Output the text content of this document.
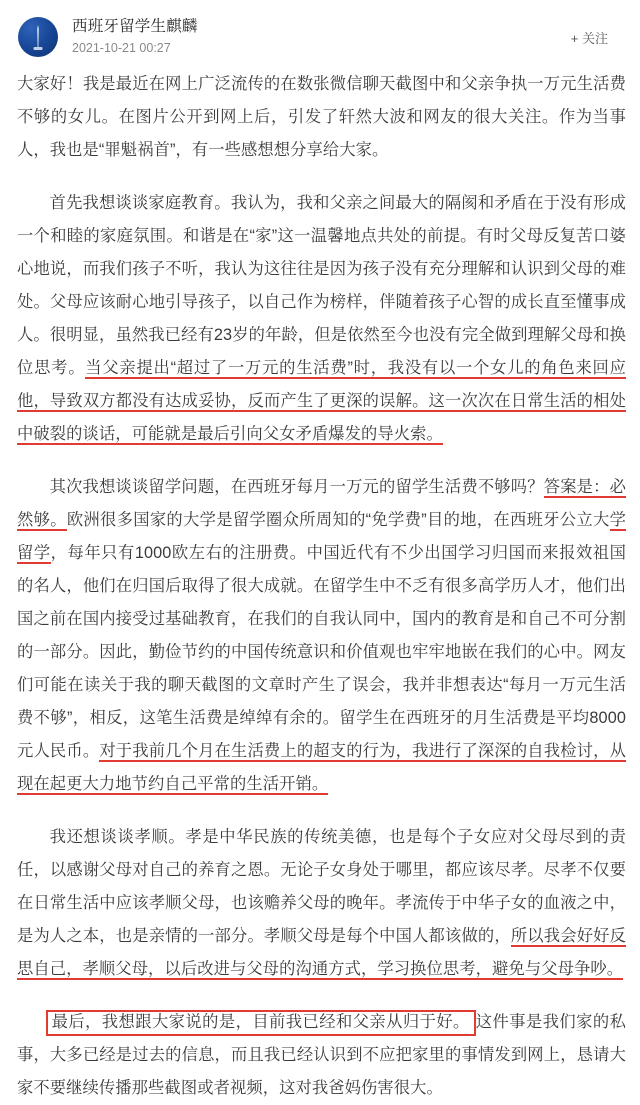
西班牙留学生麒麟
2021-10-21 00:27
+ 关注

大家好！我是最近在网上广泛流传的在数张微信聊天截图中和父亲争执一万元生活费不够的女儿。在图片公开到网上后，引发了轩然大波和网友的很大关注。作为当事人，我也是“罪魁祸首”，有一些感想想分享给大家。

首先我想谈谈家庭教育。我认为，我和父亲之间最大的隔阂和矛盾在于没有形成一个和睦的家庭氛围。和谐是在“家”这一温馨地点共处的前提。有时父母反复苦口婆心地说，而我们孩子不听，我认为这往往是因为孩子没有充分理解和认识到父母的难处。父母应该耐心地引导孩子，以自己作为榜样，伴随着孩子心智的成长直至懂事成人。很明显，虽然我已经有23岁的年龄，但是依然至今也没有完全做到理解父母和换位思考。当父亲提出“超过了一万元的生活费”时，我没有以一个女儿的角色来回应他，导致双方都没有达成妥协，反而产生了更深的误解。这一次次在日常生活的相处中破裂的谈话，可能就是最后引向父女矛盾爆发的导火索。

其次我想谈谈留学问题，在西班牙每月一万元的留学生活费不够吗？答案是：必然够。欧洲很多国家的大学是留学圈众所周知的“免学费”目的地，在西班牙公立大学留学，每年只有1000欧左右的注册费。中国近代有不少出国学习归国而来报效祖国的名人，他们在归国后取得了很大成就。在留学生中不乏有很多高学历人才，他们出国之前在国内接受过基础教育，在我们的自我认同中，国内的教育是和自己不可分割的一部分。因此，勤俭节约的中国传统意识和价值观也牢牢地嵌在我们的心中。网友们可能在读关于我的聊天截图的文章时产生了误会，我并非想表达“每月一万元生活费不够”，相反，这笔生活费是绰绰有余的。留学生在西班牙的月生活费是平均8000元人民币。对于我前几个月在生活费上的超支的行为，我进行了深深的自我检讨，从现在起更大力地节约自己平常的生活开销。

我还想谈谈孝顺。孝是中华民族的传统美德，也是每个子女应对父母尽到的责任，以感谢父母对自己的养育之恩。无论子女身处于哪里，都应该尽孝。尽孝不仅要在日常生活中应该孝顺父母，也该赡养父母的晚年。孝流传于中华子女的血液之中，是为人之本，也是亲情的一部分。孝顺父母是每个中国人都该做的，所以我会好好反思自己，孝顺父母，以后改进与父母的沟通方式，学习换位思考，避免与父母争吵。

最后，我想跟大家说的是，目前我已经和父亲从归于好。 这件事是我们家的私事，大多已经是过去的信息，而且我已经认识到不应把家里的事情发到网上，恳请大家不要继续传播那些截图或者视频，这对我爸妈伤害很大。
